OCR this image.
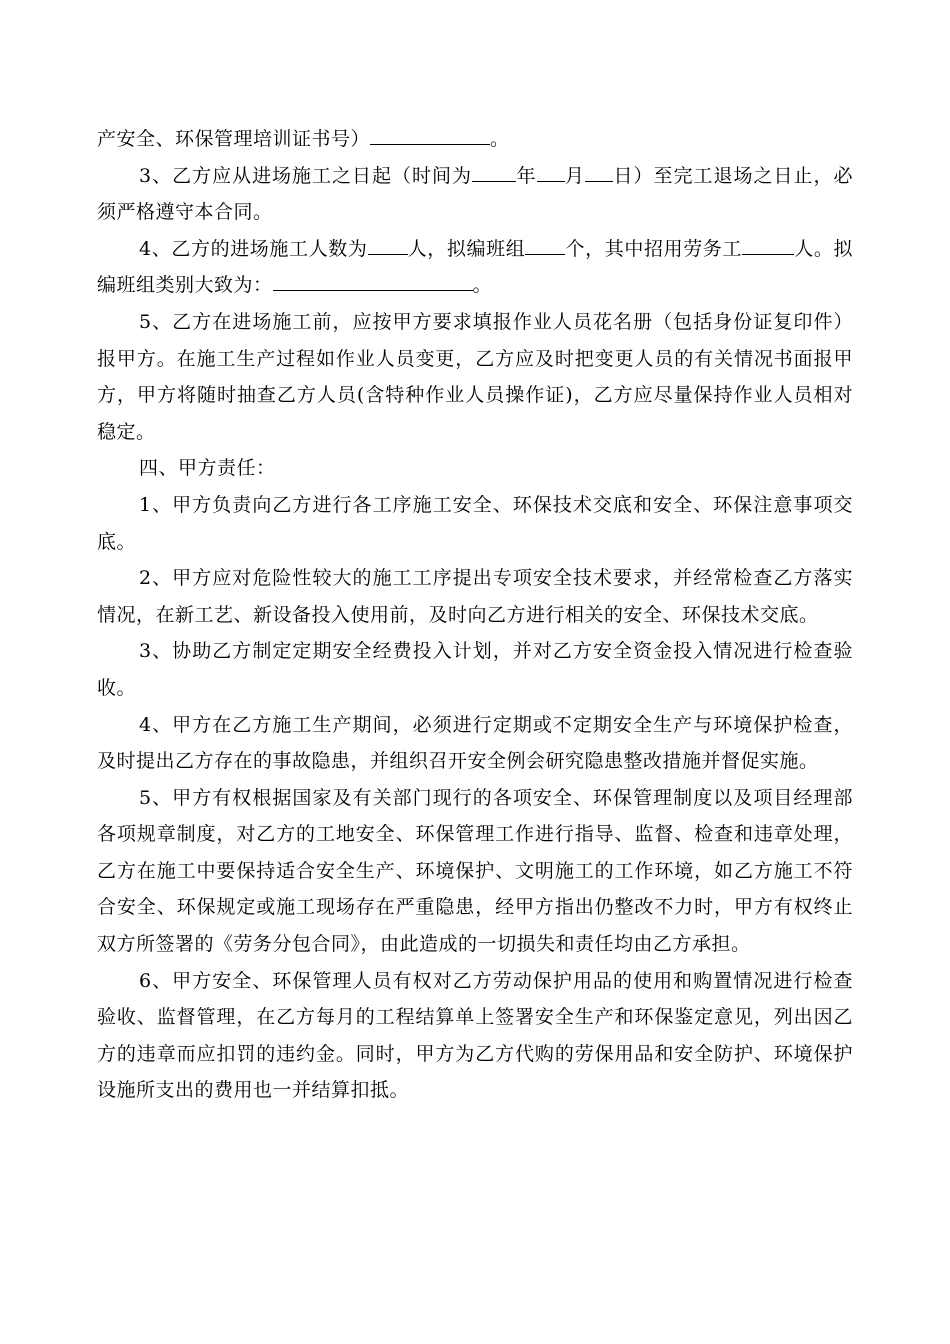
产安全、环保管理培训证书号）	。

3、乙方应从进场施工之日起（时间为 年 月 日）至完工退场之日止，必须严格遵守本合同。

4、乙方的进场施工人数为 人，拟编班组 个，其中招用劳务工	人。拟编班组类别大致为：	。

5、乙方在进场施工前，应按甲方要求填报作业人员花名册（包括身份证复印件）报甲方。在施工生产过程如作业人员变更，乙方应及时把变更人员的有关情况书面报甲方，甲方将随时抽查乙方人员(含特种作业人员操作证)，乙方应尽量保持作业人员相对稳定。

四、甲方责任：

1、甲方负责向乙方进行各工序施工安全、环保技术交底和安全、环保注意事项交底。

2、甲方应对危险性较大的施工工序提出专项安全技术要求，并经常检查乙方落实情况，在新工艺、新设备投入使用前，及时向乙方进行相关的安全、环保技术交底。

3、协助乙方制定定期安全经费投入计划，并对乙方安全资金投入情况进行检查验收。

4、甲方在乙方施工生产期间，必须进行定期或不定期安全生产与环境保护检查，及时提出乙方存在的事故隐患，并组织召开安全例会研究隐患整改措施并督促实施。

5、甲方有权根据国家及有关部门现行的各项安全、环保管理制度以及项目经理部各项规章制度，对乙方的工地安全、环保管理工作进行指导、监督、检查和违章处理，乙方在施工中要保持适合安全生产、环境保护、文明施工的工作环境，如乙方施工不符合安全、环保规定或施工现场存在严重隐患，经甲方指出仍整改不力时，甲方有权终止双方所签署的《劳务分包合同》，由此造成的一切损失和责任均由乙方承担。

6、甲方安全、环保管理人员有权对乙方劳动保护用品的使用和购置情况进行检查验收、监督管理，在乙方每月的工程结算单上签署安全生产和环保鉴定意见，列出因乙方的违章而应扣罚的违约金。同时，甲方为乙方代购的劳保用品和安全防护、环境保护设施所支出的费用也一并结算扣抵。
